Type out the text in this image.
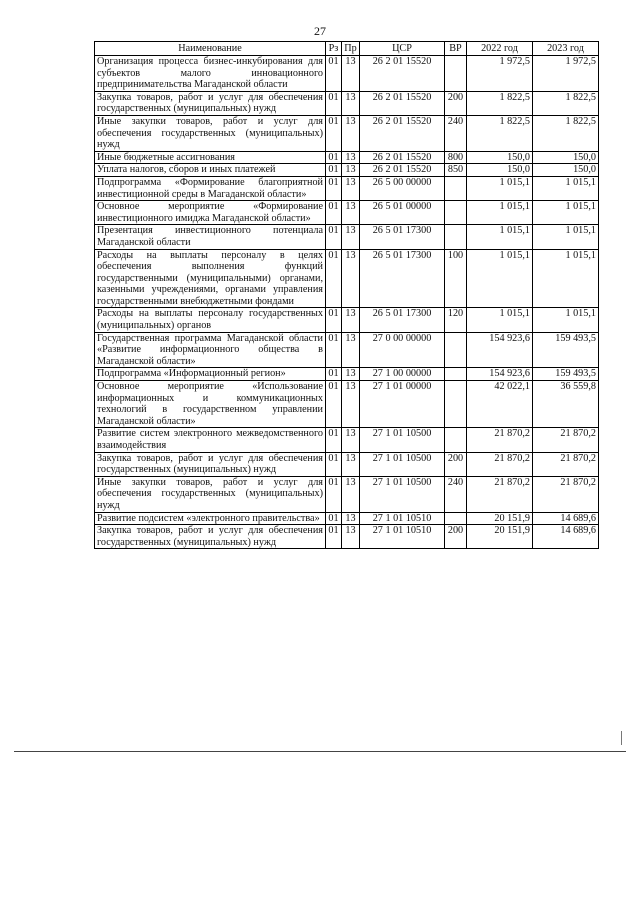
27
Наименование	Рз	Пр	ЦСР	ВР	2022 год	2023 год
Организация процесса бизнес-инкубирования для субъектов малого инновационного предпринимательства Магаданской области	01	13	26 2 01 15520		1 972,5	1 972,5
Закупка товаров, работ и услуг для обеспечения государственных (муниципальных) нужд	01	13	26 2 01 15520	200	1 822,5	1 822,5
Иные закупки товаров, работ и услуг для обеспечения государственных (муниципальных) нужд	01	13	26 2 01 15520	240	1 822,5	1 822,5
Иные бюджетные ассигнования	01	13	26 2 01 15520	800	150,0	150,0
Уплата налогов, сборов и иных платежей	01	13	26 2 01 15520	850	150,0	150,0
Подпрограмма «Формирование благоприятной инвестиционной среды в Магаданской области»	01	13	26 5 00 00000		1 015,1	1 015,1
Основное мероприятие «Формирование инвестиционного имиджа Магаданской области»	01	13	26 5 01 00000		1 015,1	1 015,1
Презентация инвестиционного потенциала Магаданской области	01	13	26 5 01 17300		1 015,1	1 015,1
Расходы на выплаты персоналу в целях обеспечения выполнения функций государственными (муниципальными) органами, казенными учреждениями, органами управления государственными внебюджетными фондами	01	13	26 5 01 17300	100	1 015,1	1 015,1
Расходы на выплаты персоналу государственных (муниципальных) органов	01	13	26 5 01 17300	120	1 015,1	1 015,1
Государственная программа Магаданской области «Развитие информационного общества в Магаданской области»	01	13	27 0 00 00000		154 923,6	159 493,5
Подпрограмма «Информационный регион»	01	13	27 1 00 00000		154 923,6	159 493,5
Основное мероприятие «Использование информационных и коммуникационных технологий в государственном управлении Магаданской области»	01	13	27 1 01 00000		42 022,1	36 559,8
Развитие систем электронного межведомственного взаимодействия	01	13	27 1 01 10500		21 870,2	21 870,2
Закупка товаров, работ и услуг для обеспечения государственных (муниципальных) нужд	01	13	27 1 01 10500	200	21 870,2	21 870,2
Иные закупки товаров, работ и услуг для обеспечения государственных (муниципальных) нужд	01	13	27 1 01 10500	240	21 870,2	21 870,2
Развитие подсистем «электронного правительства»	01	13	27 1 01 10510		20 151,9	14 689,6
Закупка товаров, работ и услуг для обеспечения государственных (муниципальных) нужд	01	13	27 1 01 10510	200	20 151,9	14 689,6
